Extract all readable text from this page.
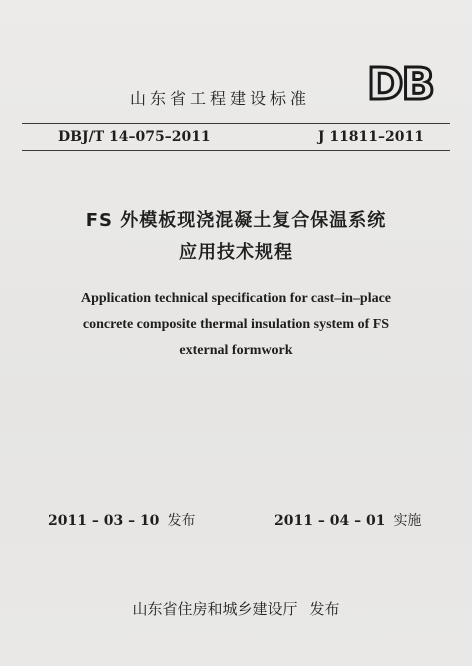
山东省工程建设标准 DB
DBJ/T 14–075–2011	J 11811–2011
FS 外模板现浇混凝土复合保温系统
应用技术规程
Application technical specification for cast–in–place
concrete composite thermal insulation system of FS
external formwork
2011 – 03 – 10 发布	2011 – 04 – 01 实施
山东省住房和城乡建设厅 发布
